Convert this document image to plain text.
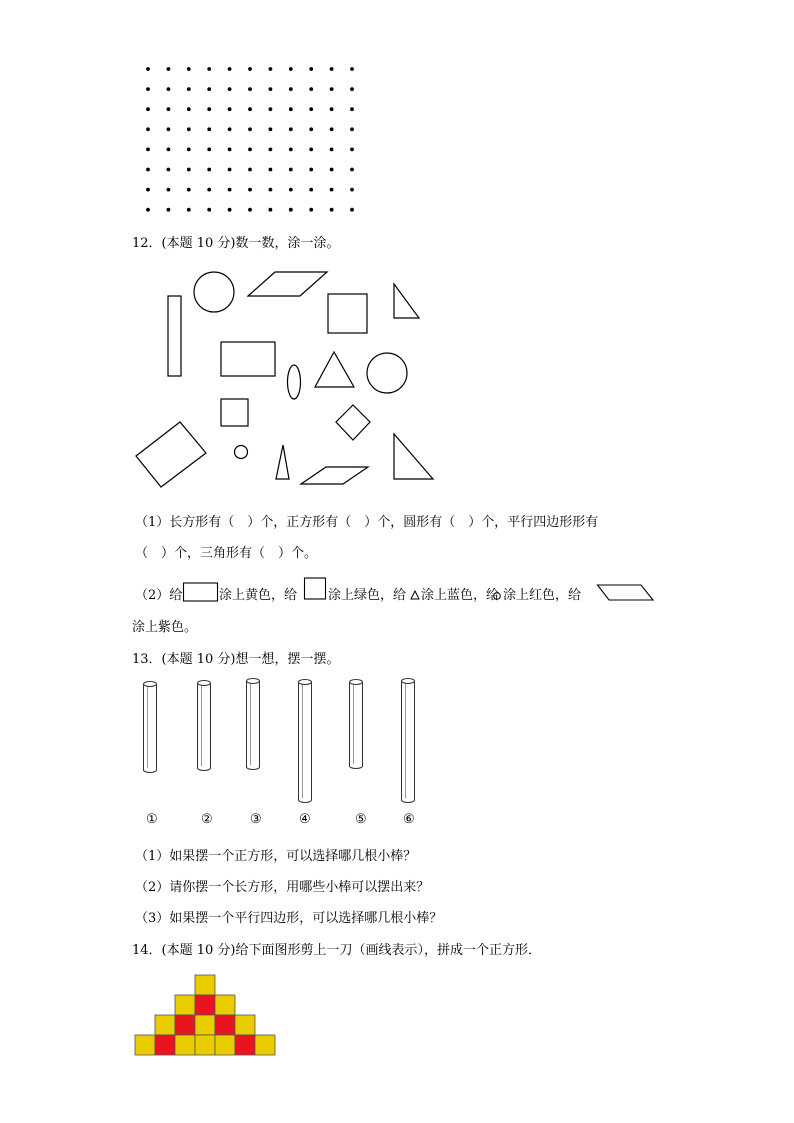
12．(本题 10 分)数一数，涂一涂。
（1）长方形有（　）个，正方形有（　）个，圆形有（　）个，平行四边形形有
（　）个，三角形有（　）个。
（2）给	涂上黄色，给 涂上绿色，给 涂上蓝色，给 涂上红色，给
涂上紫色。
13．(本题 10 分)想一想，摆一摆。
①	②	③	④	⑤	⑥
（1）如果摆一个正方形，可以选择哪几根小棒？
（2）请你摆一个长方形，用哪些小棒可以摆出来？
（3）如果摆一个平行四边形，可以选择哪几根小棒？
14．(本题 10 分)给下面图形剪上一刀（画线表示），拼成一个正方形．
